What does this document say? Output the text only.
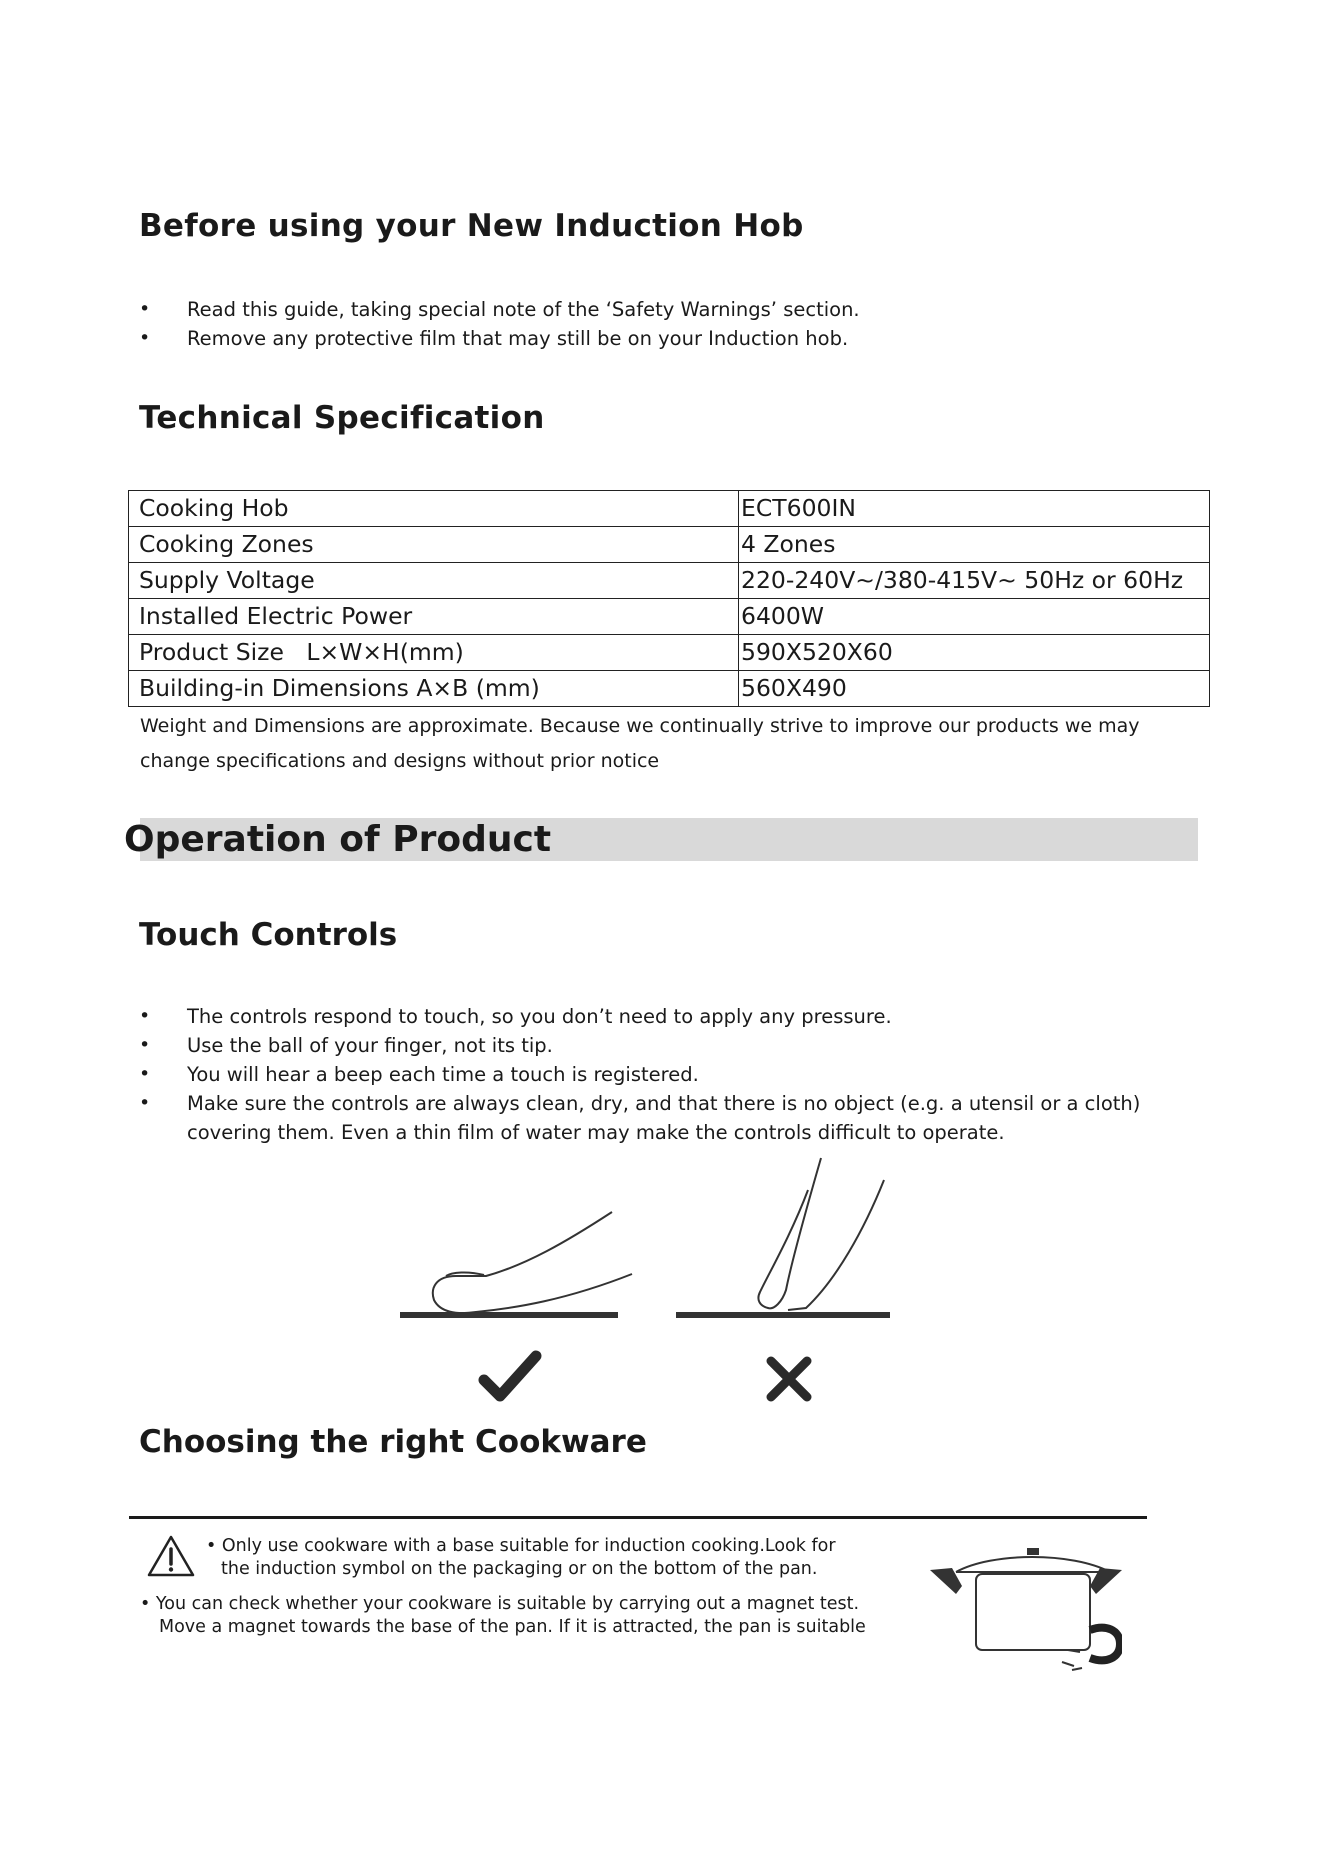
Before using your New Induction Hob
• Read this guide, taking special note of the ‘Safety Warnings’ section.
• Remove any protective film that may still be on your Induction hob.
Technical Specification
Cooking Hob	ECT600IN
Cooking Zones	4 Zones
Supply Voltage	220-240V~/380-415V~ 50Hz or 60Hz
Installed Electric Power	6400W
Product Size   L×W×H(mm)	590X520X60
Building-in Dimensions A×B (mm)	560X490
Weight and Dimensions are approximate. Because we continually strive to improve our products we may
change specifications and designs without prior notice
Operation of Product
Touch Controls
• The controls respond to touch, so you don’t need to apply any pressure.
• Use the ball of your finger, not its tip.
• You will hear a beep each time a touch is registered.
• Make sure the controls are always clean, dry, and that there is no object (e.g. a utensil or a cloth) covering them. Even a thin film of water may make the controls difficult to operate.
Choosing the right Cookware
• Only use cookware with a base suitable for induction cooking.Look for
the induction symbol on the packaging or on the bottom of the pan.
• You can check whether your cookware is suitable by carrying out a magnet test.
Move a magnet towards the base of the pan. If it is attracted, the pan is suitable
